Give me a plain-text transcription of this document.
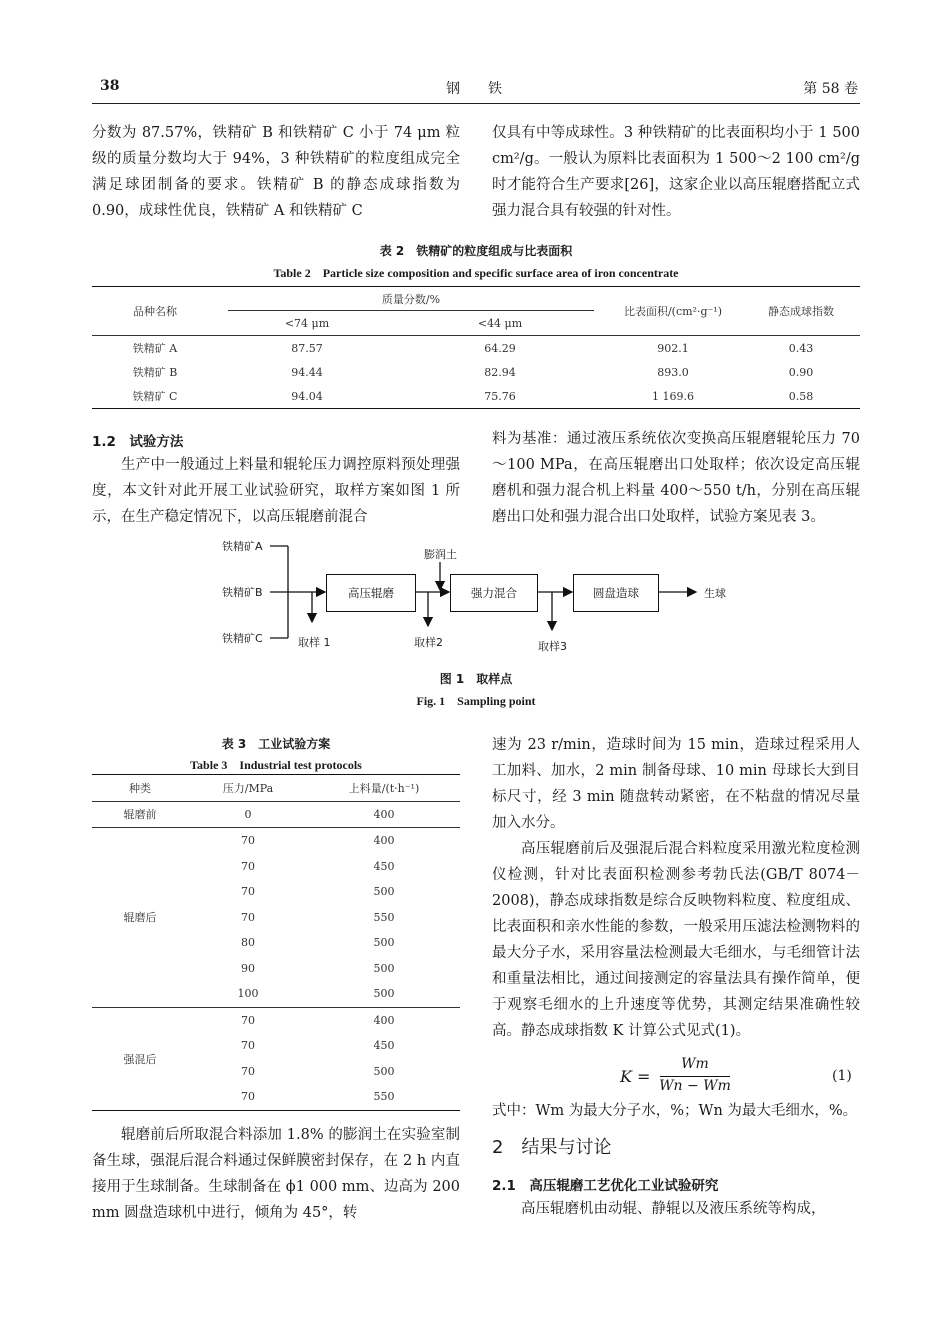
38	钢　　铁	第 58 卷

分数为 87.57%，铁精矿 B 和铁精矿 C 小于 74 μm 粒级的质量分数均大于 94%，3 种铁精矿的粒度组成完全满足球团制备的要求。铁精矿 B 的静态成球指数为 0.90，成球性优良，铁精矿 A 和铁精矿 C

仅具有中等成球性。3 种铁精矿的比表面积均小于 1 500 cm²/g。一般认为原料比表面积为 1 500～2 100 cm²/g 时才能符合生产要求[26]，这家企业以高压辊磨搭配立式强力混合具有较强的针对性。

表 2　铁精矿的粒度组成与比表面积
Table 2　Particle size composition and specific surface area of iron concentrate
品种名称	质量分数/%		比表面积/(cm²·g⁻¹)	静态成球指数
	<74 μm	<44 μm		
铁精矿 A	87.57	64.29	902.1	0.43
铁精矿 B	94.44	82.94	893.0	0.90
铁精矿 C	94.04	75.76	1 169.6	0.58
1.2　试验方法

生产中一般通过上料量和辊轮压力调控原料预处理强度，本文针对此开展工业试验研究，取样方案如图 1 所示，在生产稳定情况下，以高压辊磨前混合

料为基准：通过液压系统依次变换高压辊磨辊轮压力 70～100 MPa，在高压辊磨出口处取样；依次设定高压辊磨机和强力混合机上料量 400～550 t/h，分别在高压辊磨出口处和强力混合出口处取样，试验方案见表 3。

铁精矿A
铁精矿B
铁精矿C
膨润土
高压辊磨	强力混合	圆盘造球	生球
取样 1	取样2	取样3
图 1　取样点
Fig. 1　Sampling point
表 3　工业试验方案
Table 3　Industrial test protocols
种类	压力/MPa	上料量/(t·h⁻¹)
辊磨前	0	400
辊磨后	70	400
	70	450
	70	500
	70	550
	80	500
	90	500
	100	500
强混后	70	400
	70	450
	70	500
	70	550

辊磨前后所取混合料添加 1.8% 的膨润土在实验室制备生球，强混后混合料通过保鲜膜密封保存，在 2 h 内直接用于生球制备。生球制备在 ϕ1 000 mm、边高为 200 mm 圆盘造球机中进行，倾角为 45°，转

速为 23 r/min，造球时间为 15 min，造球过程采用人工加料、加水，2 min 制备母球、10 min 母球长大到目标尺寸，经 3 min 随盘转动紧密，在不粘盘的情况尽量加入水分。

高压辊磨前后及强混后混合料粒度采用激光粒度检测仪检测，针对比表面积检测参考勃氏法(GB/T 8074－2008)，静态成球指数是综合反映物料粒度、粒度组成、比表面积和亲水性能的参数，一般采用压滤法检测物料的最大分子水，采用容量法检测最大毛细水，与毛细管计法和重量法相比，通过间接测定的容量法具有操作简单，便于观察毛细水的上升速度等优势，其测定结果准确性较高。静态成球指数 K 计算公式见式(1)。

K =
Wm
Wn − Wm
(1)

式中：Wm 为最大分子水，%；Wn 为最大毛细水，%。

2　结果与讨论
2.1　高压辊磨工艺优化工业试验研究

高压辊磨机由动辊、静辊以及液压系统等构成，
